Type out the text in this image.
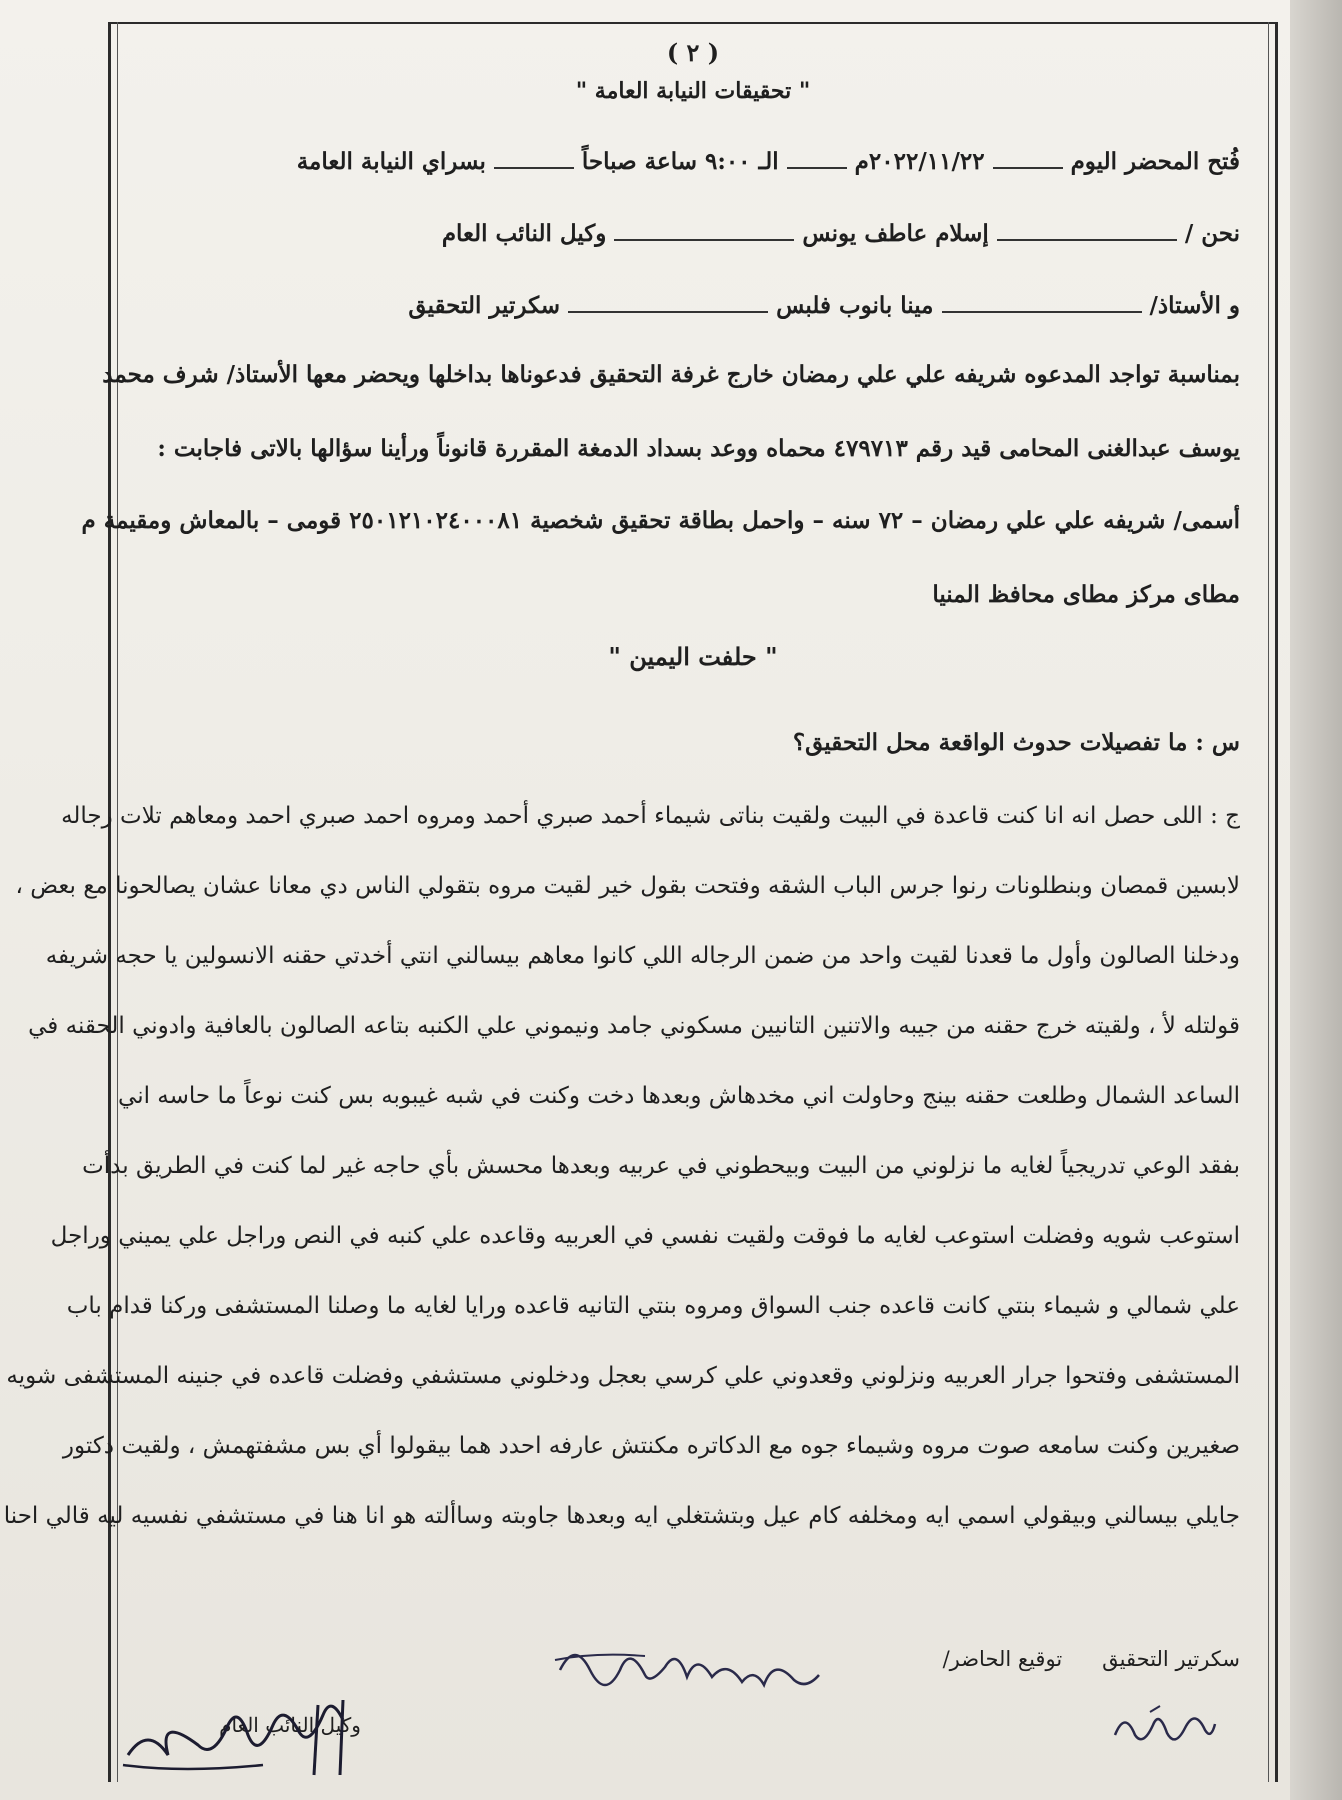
( ٢ )
" تحقيقات النيابة العامة "
فُتح المحضر اليوم
٢٠٢٢/١١/٢٢م
الـ
٩:٠٠
ساعة صباحاً
بسراي النيابة العامة
نحن /
إسلام عاطف يونس
وكيل النائب العام
و الأستاذ/
مينا بانوب فلبس
سكرتير التحقيق
بمناسبة تواجد المدعوه شريفه علي علي رمضان خارج غرفة التحقيق فدعوناها بداخلها ويحضر معها الأستاذ/ شرف محمد
يوسف عبدالغنى المحامى قيد رقم ٤٧٩٧١٣ محماه ووعد بسداد الدمغة المقررة قانوناً ورأينا سؤالها بالاتى فاجابت :
أسمى/ شريفه علي علي رمضان – ٧٢ سنه – واحمل بطاقة تحقيق شخصية ٢٥٠١٢١٠٢٤٠٠٠٨١ قومى – بالمعاش ومقيمة م
مطاى مركز مطاى محافظ المنيا
" حلفت اليمين "
س : ما تفصيلات حدوث الواقعة محل التحقيق؟
ج : اللى حصل انه انا كنت قاعدة في البيت ولقيت بناتى شيماء أحمد صبري أحمد ومروه احمد صبري احمد ومعاهم تلات رجاله
لابسين قمصان وبنطلونات رنوا جرس الباب الشقه وفتحت بقول خير لقيت مروه بتقولي الناس دي معانا عشان يصالحونا مع بعض ،
ودخلنا الصالون وأول ما قعدنا لقيت واحد من ضمن الرجاله اللي كانوا معاهم بيسالني انتي أخدتي حقنه الانسولين يا حجه شريفه
قولتله لأ ، ولقيته خرج حقنه من جيبه والاتنين التانيين مسكوني جامد ونيموني علي الكنبه بتاعه الصالون بالعافية وادوني الحقنه في
الساعد الشمال وطلعت حقنه بينج وحاولت اني مخدهاش وبعدها دخت وكنت في شبه غيبوبه بس كنت نوعاً ما حاسه اني
بفقد الوعي تدريجياً لغايه ما نزلوني من البيت وبيحطوني في عربيه وبعدها محسش بأي حاجه غير لما كنت في الطريق بدأت
استوعب شويه وفضلت استوعب لغايه ما فوقت ولقيت نفسي في العربيه وقاعده علي كنبه في النص وراجل علي يميني وراجل
علي شمالي و شيماء بنتي كانت قاعده جنب السواق ومروه بنتي التانيه قاعده ورايا لغايه ما وصلنا المستشفى وركنا قدام باب
المستشفى وفتحوا جرار العربيه ونزلوني وقعدوني علي كرسي بعجل ودخلوني مستشفي وفضلت قاعده في جنينه المستشفى شويه
صغيرين وكنت سامعه صوت مروه وشيماء جوه مع الدكاتره مكنتش عارفه احدد هما بيقولوا أي بس مشفتهمش ، ولقيت دكتور
جايلي بيسالني وبيقولي اسمي ايه ومخلفه كام عيل وبتشتغلي ايه وبعدها جاوبته وساألته هو انا هنا في مستشفي نفسيه ليه قالي احنا
سكرتير التحقيق
توقيع الحاضر/
وكيل النائب العام
